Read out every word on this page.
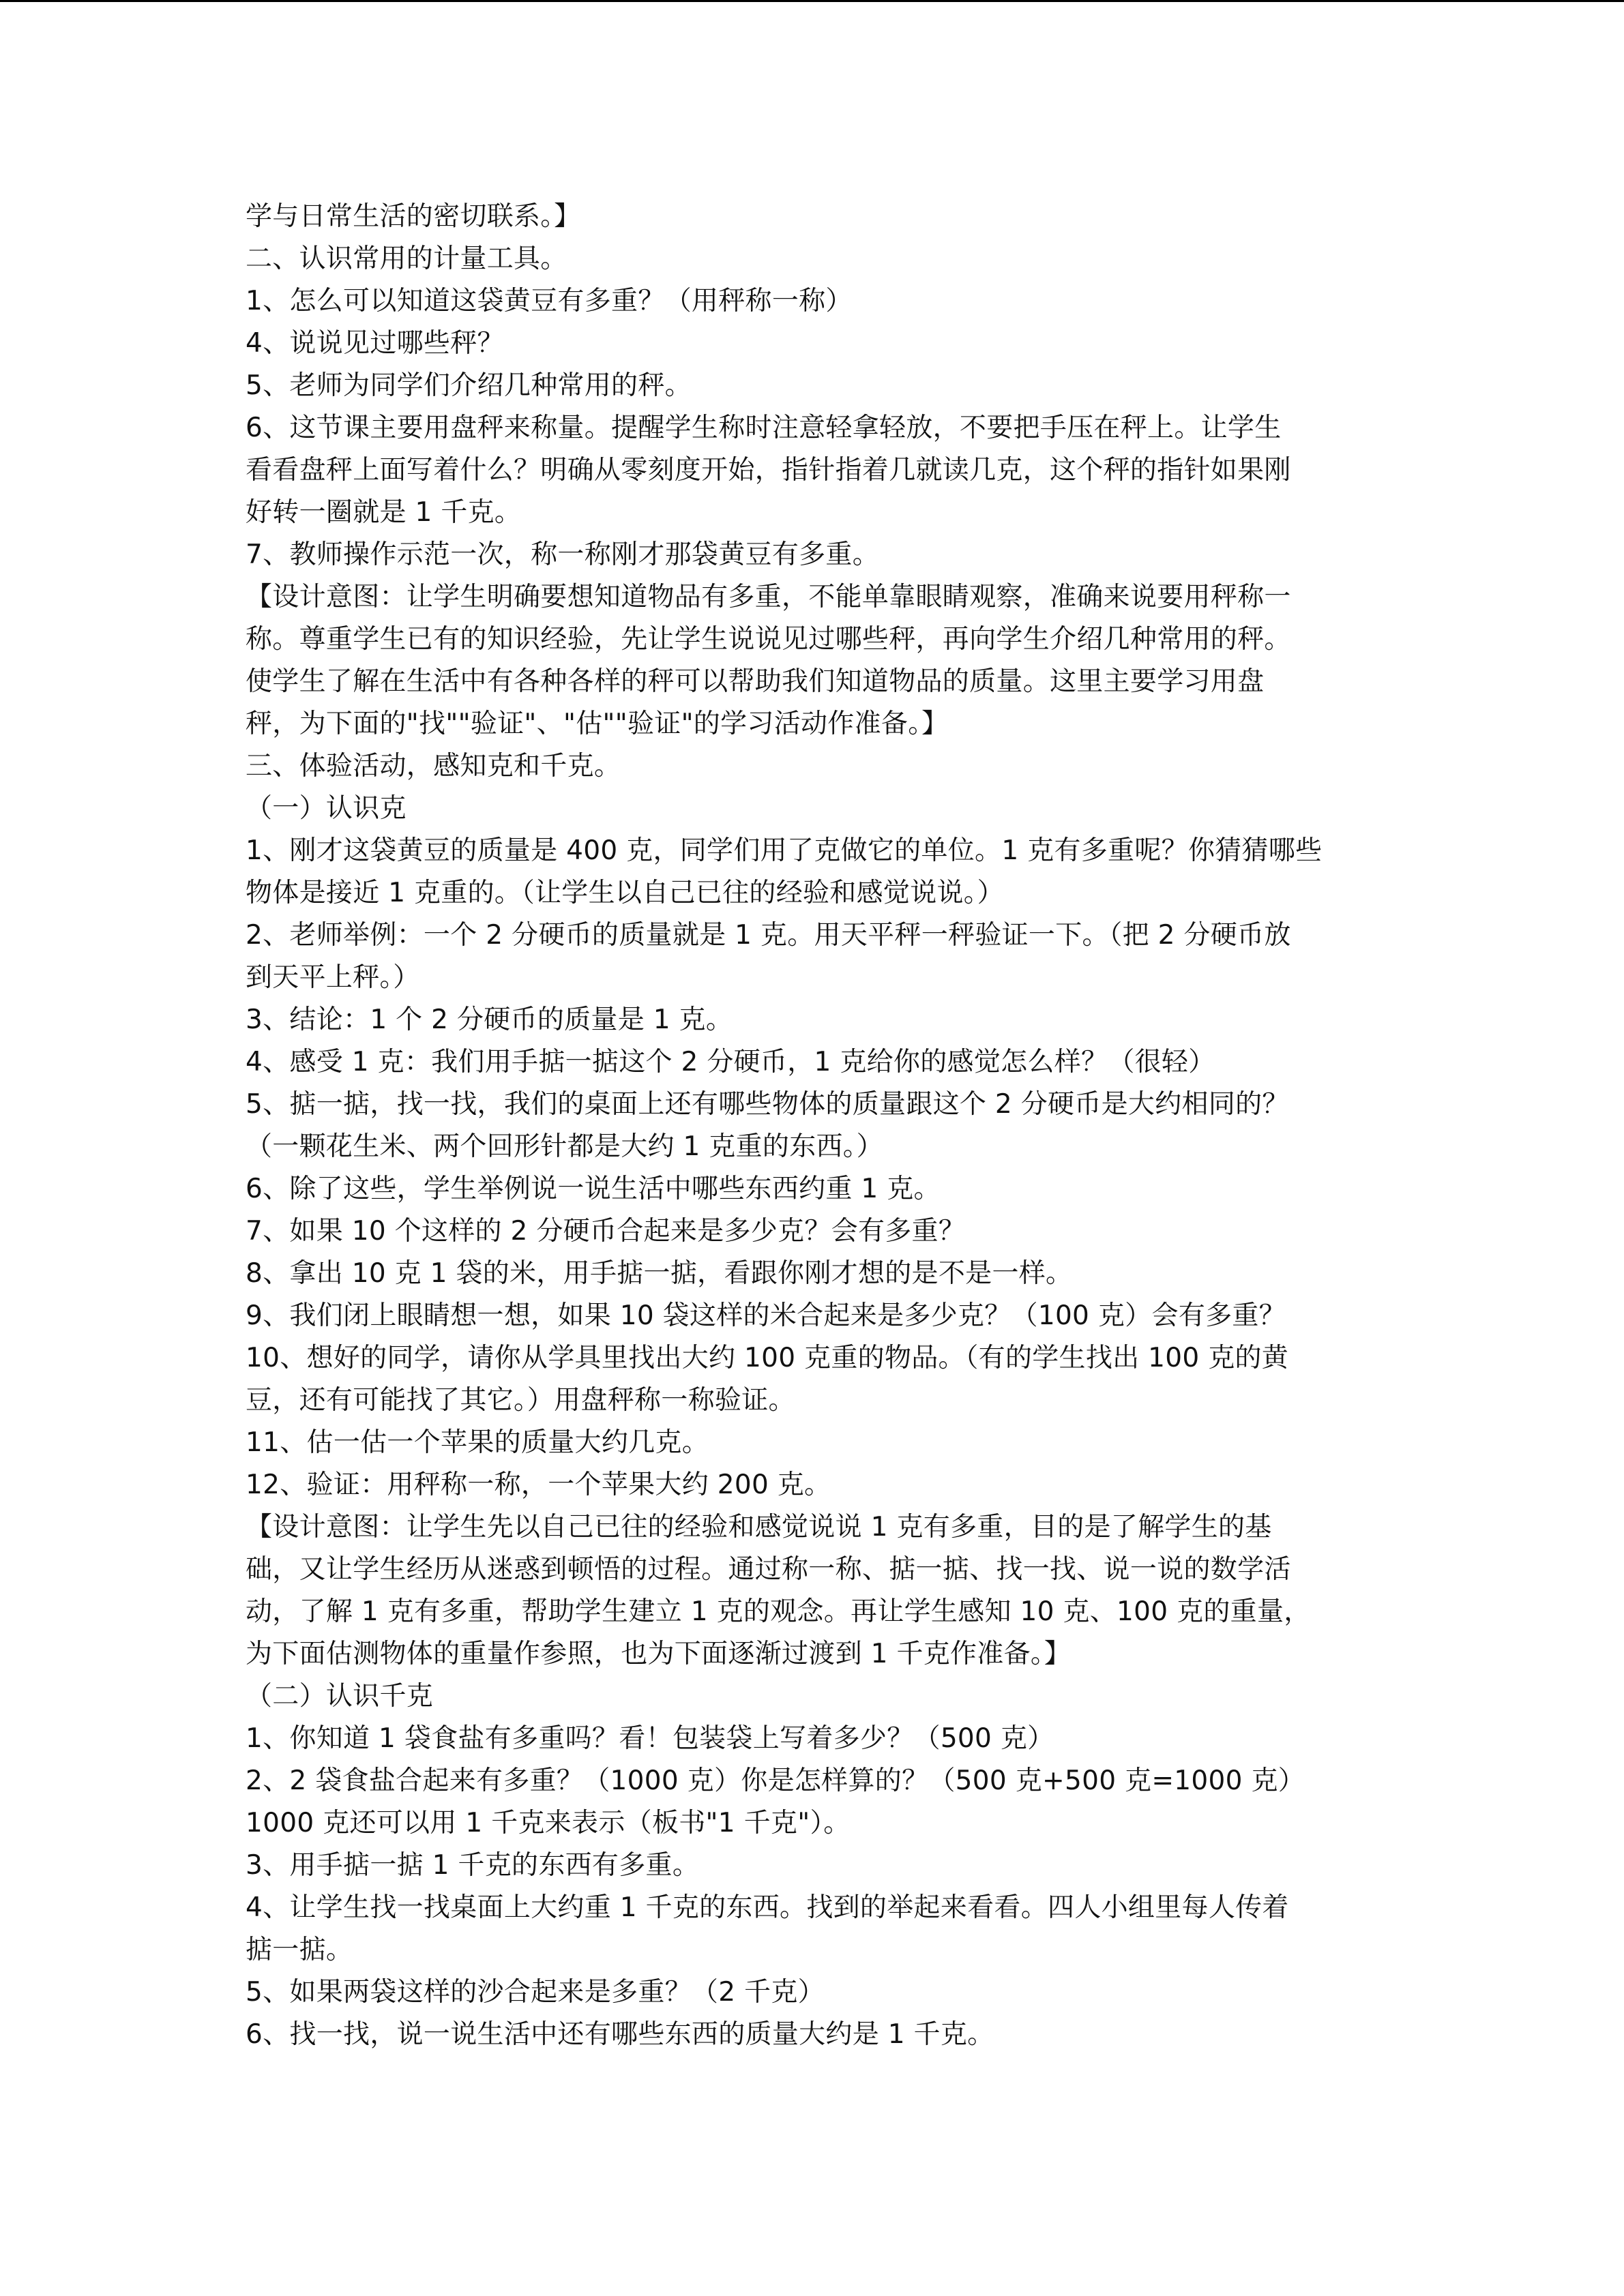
学与日常生活的密切联系。】
二、认识常用的计量工具。
1、怎么可以知道这袋黄豆有多重？（用秤称一称）
4、说说见过哪些秤？
5、老师为同学们介绍几种常用的秤。
6、这节课主要用盘秤来称量。提醒学生称时注意轻拿轻放，不要把手压在秤上。让学生
看看盘秤上面写着什么？明确从零刻度开始，指针指着几就读几克，这个秤的指针如果刚
好转一圈就是 1 千克。
7、教师操作示范一次，称一称刚才那袋黄豆有多重。
【设计意图：让学生明确要想知道物品有多重，不能单靠眼睛观察，准确来说要用秤称一
称。尊重学生已有的知识经验，先让学生说说见过哪些秤，再向学生介绍几种常用的秤。
使学生了解在生活中有各种各样的秤可以帮助我们知道物品的质量。这里主要学习用盘
秤，为下面的"找""验证"、"估""验证"的学习活动作准备。】
三、体验活动，感知克和千克。
（一）认识克
1、刚才这袋黄豆的质量是 400 克，同学们用了克做它的单位。1 克有多重呢？你猜猜哪些
物体是接近 1 克重的。（让学生以自己已往的经验和感觉说说。）
2、老师举例：一个 2 分硬币的质量就是 1 克。用天平秤一秤验证一下。（把 2 分硬币放
到天平上秤。）
3、结论：1 个 2 分硬币的质量是 1 克。
4、感受 1 克：我们用手掂一掂这个 2 分硬币，1 克给你的感觉怎么样？（很轻）
5、掂一掂，找一找，我们的桌面上还有哪些物体的质量跟这个 2 分硬币是大约相同的？
（一颗花生米、两个回形针都是大约 1 克重的东西。）
6、除了这些，学生举例说一说生活中哪些东西约重 1 克。
7、如果 10 个这样的 2 分硬币合起来是多少克？会有多重？
8、拿出 10 克 1 袋的米，用手掂一掂，看跟你刚才想的是不是一样。
9、我们闭上眼睛想一想，如果 10 袋这样的米合起来是多少克？（100 克）会有多重？
10、想好的同学，请你从学具里找出大约 100 克重的物品。（有的学生找出 100 克的黄
豆，还有可能找了其它。）用盘秤称一称验证。
11、估一估一个苹果的质量大约几克。
12、验证：用秤称一称，一个苹果大约 200 克。
【设计意图：让学生先以自己已往的经验和感觉说说 1 克有多重，目的是了解学生的基
础，又让学生经历从迷惑到顿悟的过程。通过称一称、掂一掂、找一找、说一说的数学活
动，了解 1 克有多重，帮助学生建立 1 克的观念。再让学生感知 10 克、100 克的重量，
为下面估测物体的重量作参照，也为下面逐渐过渡到 1 千克作准备。】
（二）认识千克
1、你知道 1 袋食盐有多重吗？看！包装袋上写着多少？（500 克）
2、2 袋食盐合起来有多重？（1000 克）你是怎样算的？（500 克+500 克=1000 克）
1000 克还可以用 1 千克来表示（板书"1 千克"）。
3、用手掂一掂 1 千克的东西有多重。
4、让学生找一找桌面上大约重 1 千克的东西。找到的举起来看看。四人小组里每人传着
掂一掂。
5、如果两袋这样的沙合起来是多重？（2 千克）
6、找一找，说一说生活中还有哪些东西的质量大约是 1 千克。
